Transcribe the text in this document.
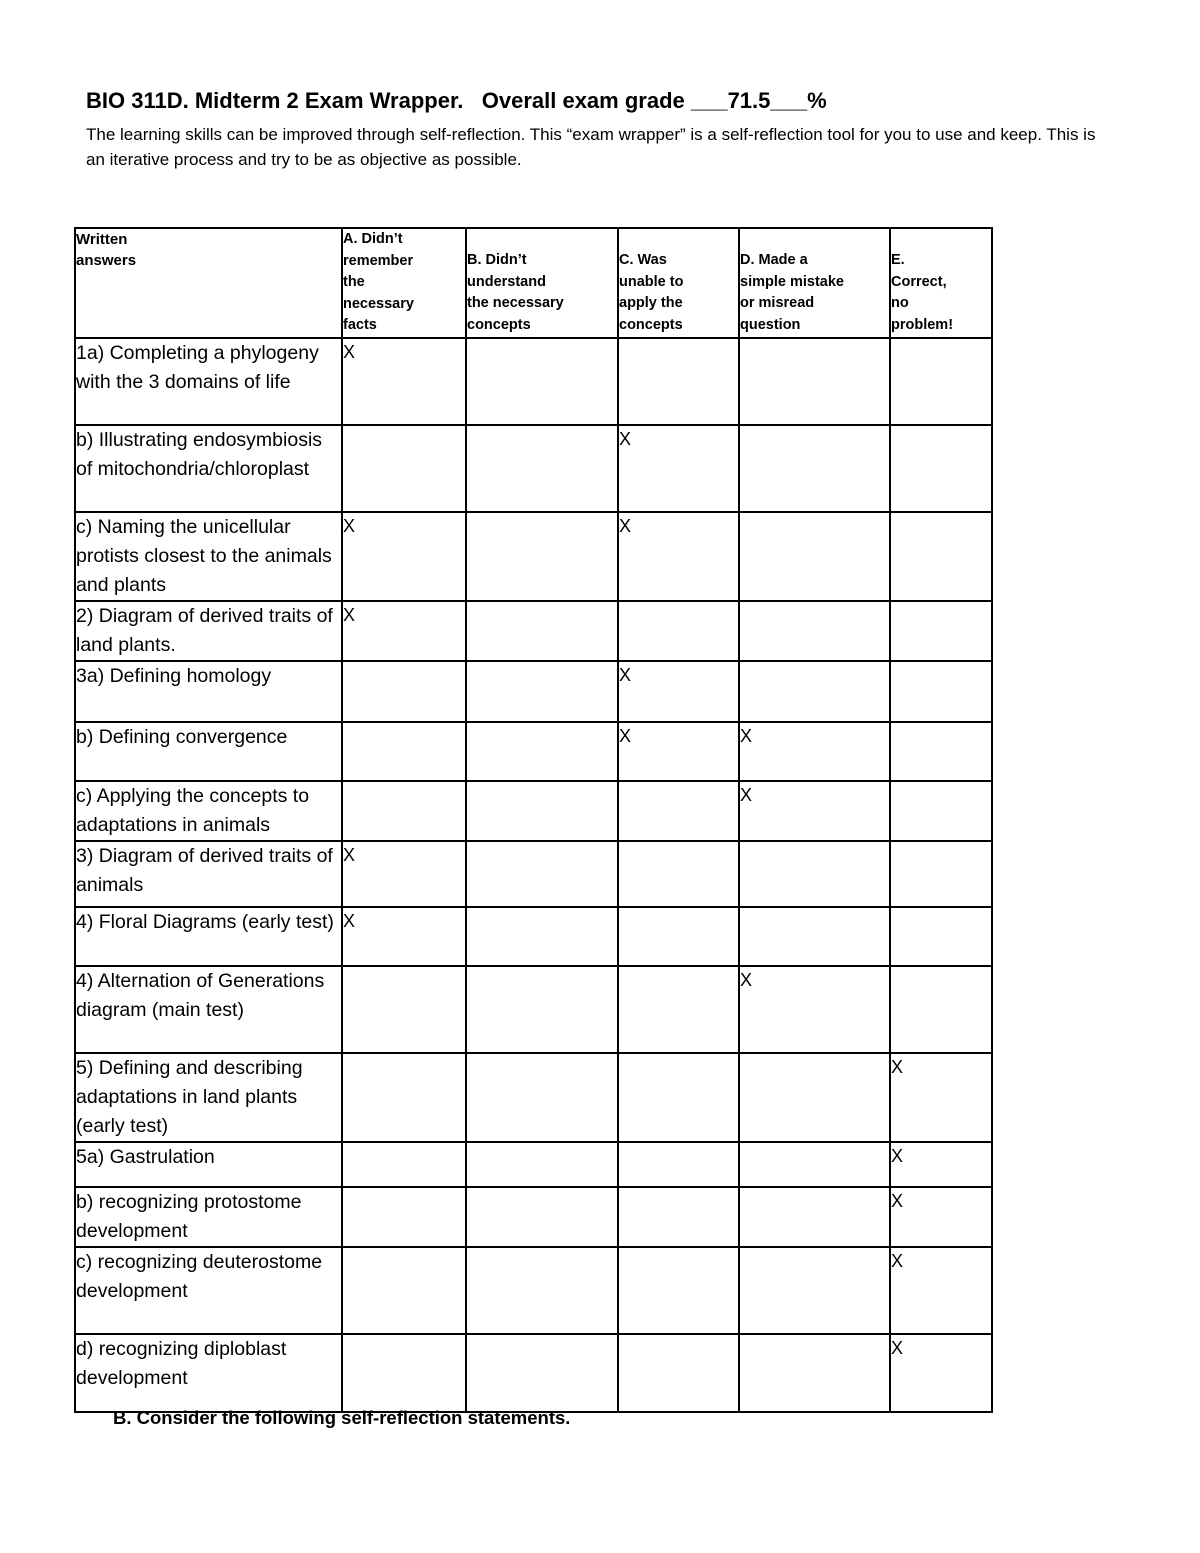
BIO 311D. Midterm 2 Exam Wrapper.   Overall exam grade ___71.5___%
The learning skills can be improved through self-reflection. This “exam wrapper” is a self-reflection tool for you to use and keep. This is an iterative process and try to be as objective as possible.
Written
answers	A. Didn’t
remember
the
necessary
facts	B. Didn’t
understand
the necessary
concepts	C. Was
unable to
apply the
concepts	D. Made a
simple mistake
or misread
question	E.
Correct,
no
problem!

1a) Completing a phylogeny with the 3 domains of life	X				
b) Illustrating endosymbiosis of mitochondria/chloroplast			X		
c) Naming the unicellular protists closest to the animals and plants	X		X		
2) Diagram of derived traits of land plants.	X				
3a) Defining homology			X		
b) Defining convergence			X	X	
c) Applying the concepts to adaptations in animals				X	
3) Diagram of derived traits of animals	X				
4) Floral Diagrams (early test)	X				
4) Alternation of Generations diagram (main test)				X	
5) Defining and describing adaptations in land plants (early test)					X
5a) Gastrulation					X
b) recognizing protostome development					X
c) recognizing deuterostome development					X
d) recognizing diploblast development					X
B. Consider the following self-reflection statements.
